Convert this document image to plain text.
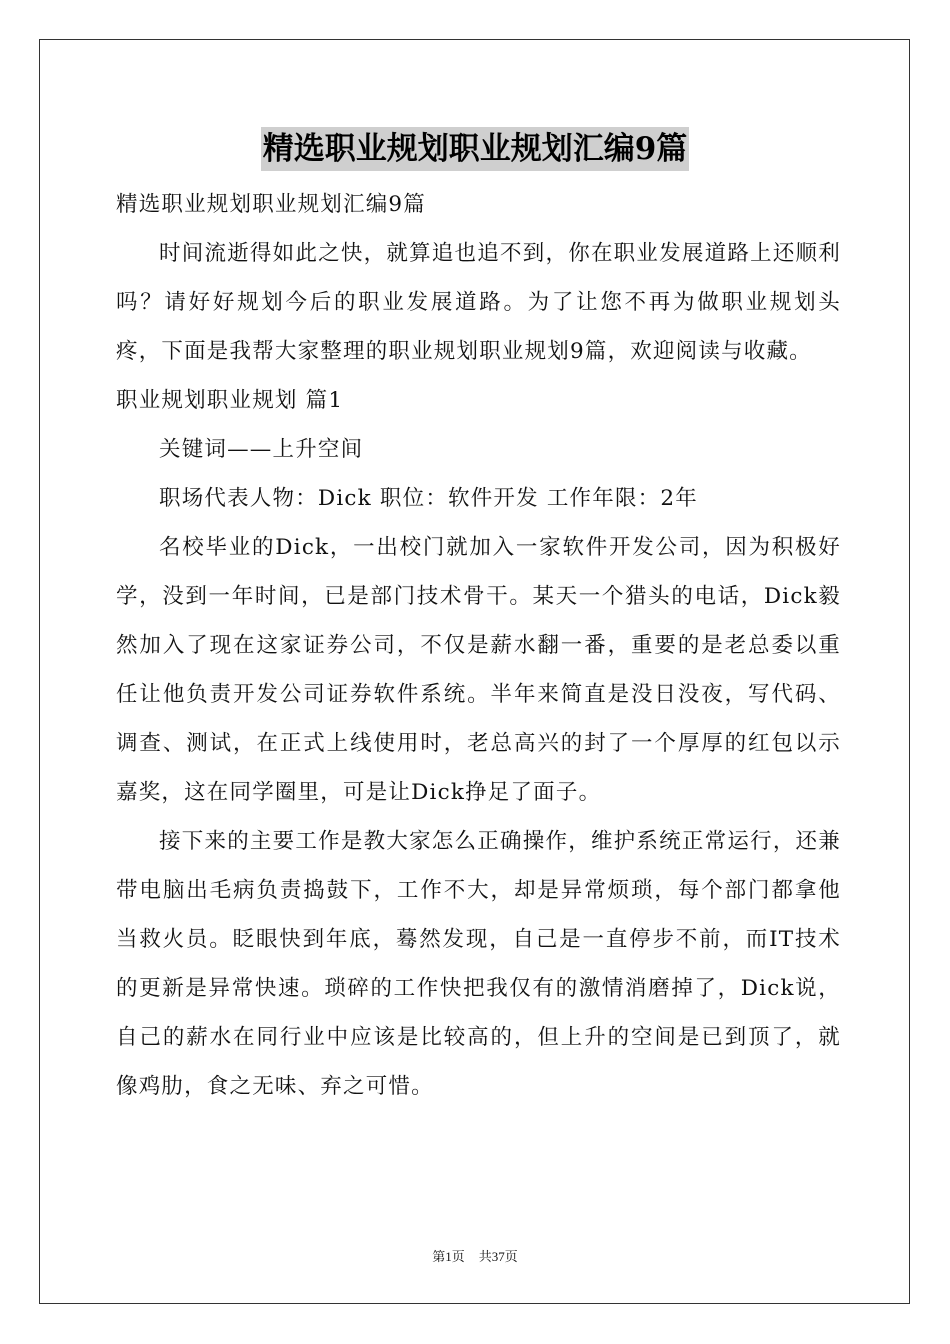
精选职业规划职业规划汇编9篇

精选职业规划职业规划汇编9篇

时间流逝得如此之快，就算追也追不到，你在职业发展道路上还顺利吗？请好好规划今后的职业发展道路。为了让您不再为做职业规划头疼，下面是我帮大家整理的职业规划职业规划9篇，欢迎阅读与收藏。

职业规划职业规划 篇1

关键词——上升空间

职场代表人物：Dick 职位：软件开发 工作年限：2年

名校毕业的Dick，一出校门就加入一家软件开发公司，因为积极好学，没到一年时间，已是部门技术骨干。某天一个猎头的电话，Dick毅然加入了现在这家证券公司，不仅是薪水翻一番，重要的是老总委以重任让他负责开发公司证券软件系统。半年来简直是没日没夜，写代码、调查、测试，在正式上线使用时，老总高兴的封了一个厚厚的红包以示嘉奖，这在同学圈里，可是让Dick挣足了面子。

接下来的主要工作是教大家怎么正确操作，维护系统正常运行，还兼带电脑出毛病负责捣鼓下，工作不大，却是异常烦琐，每个部门都拿他当救火员。眨眼快到年底，蓦然发现，自己是一直停步不前，而IT技术的更新是异常快速。琐碎的工作快把我仅有的激情消磨掉了，Dick说，自己的薪水在同行业中应该是比较高的，但上升的空间是已到顶了，就像鸡肋，食之无味、弃之可惜。

第1页 共37页
